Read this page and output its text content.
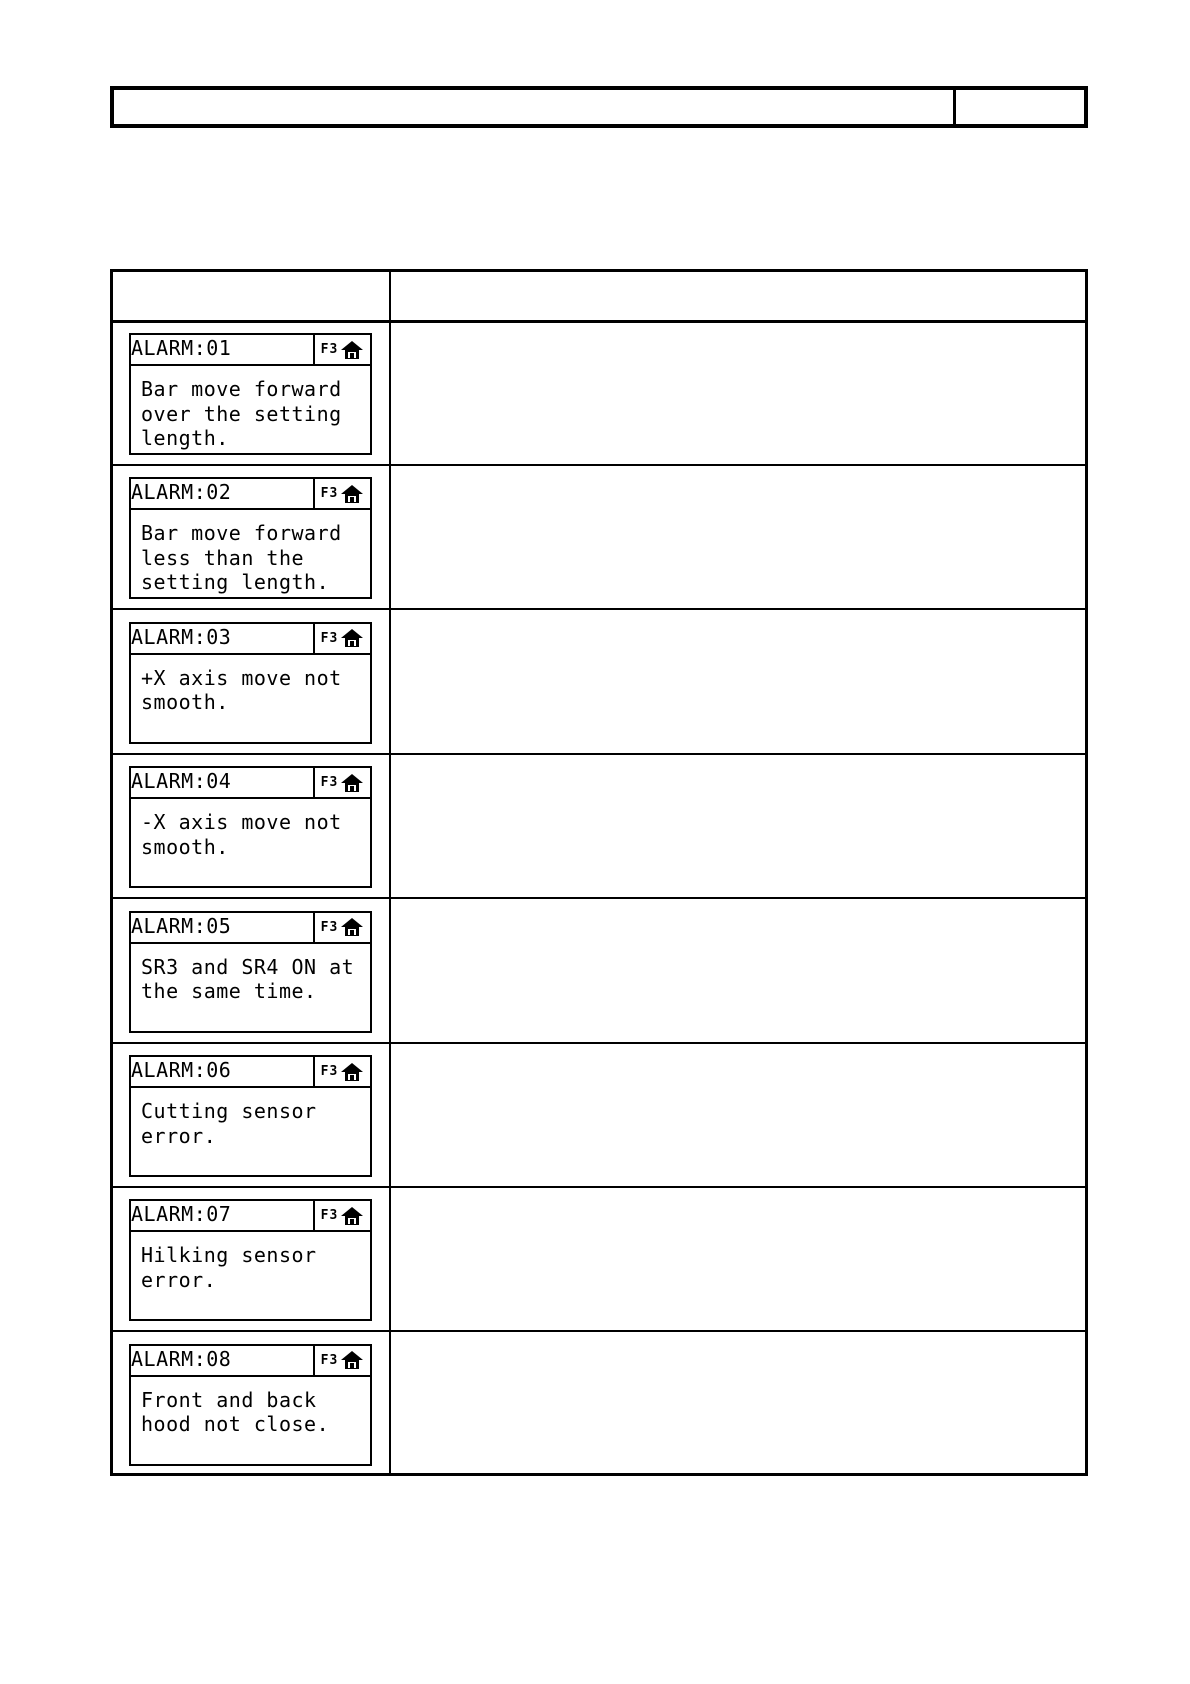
ALARM:01	F3
Bar move forward
over the setting
length.
ALARM:02	F3
Bar move forward
less than the
setting length.
ALARM:03	F3
+X axis move not
smooth.
ALARM:04	F3
-X axis move not
smooth.
ALARM:05	F3
SR3 and SR4 ON at
the same time.
ALARM:06	F3
Cutting sensor
error.
ALARM:07	F3
Hilking sensor
error.
ALARM:08	F3
Front and back
hood not close.
